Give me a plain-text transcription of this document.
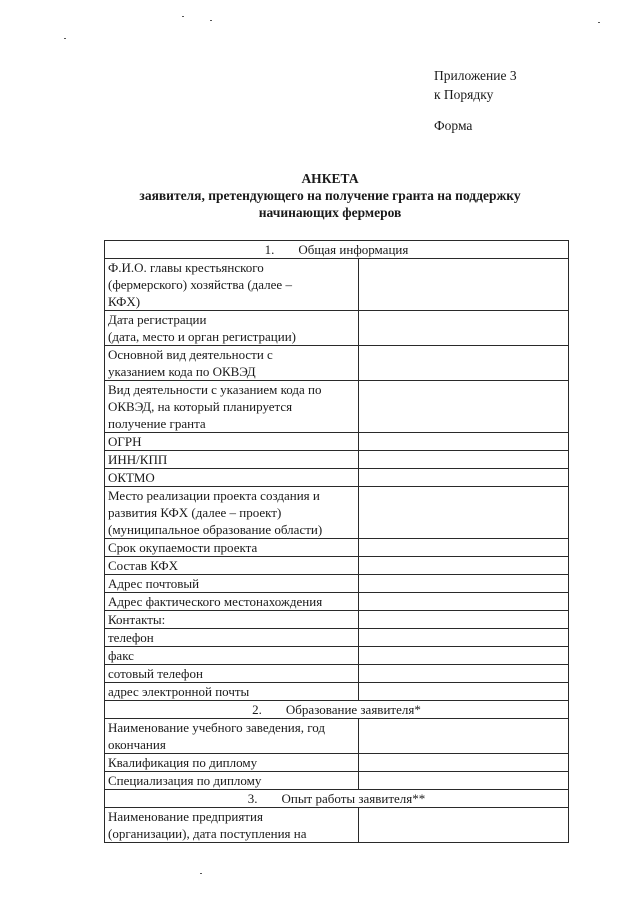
Приложение 3
к Порядку
Форма
АНКЕТА
заявителя, претендующего на получение гранта на поддержку
начинающих фермеров
1. Общая информация	

Ф.И.О. главы крестьянского
(фермерского) хозяйства (далее –
КФХ)	

Дата регистрации
(дата, место и орган регистрации)	

Основной вид деятельности с
указанием кода по ОКВЭД	

Вид деятельности с указанием кода по
ОКВЭД, на который планируется
получение гранта	

ОГРН	

ИНН/КПП	

ОКТМО	

Место реализации проекта создания и
развития КФХ (далее – проект)
(муниципальное образование области)	

Срок окупаемости проекта	

Состав КФХ	

Адрес почтовый	

Адрес фактического местонахождения	

Контакты:	

телефон	

факс	

сотовый телефон	

адрес электронной почты	

2. Образование заявителя*	

Наименование учебного заведения, год
окончания	

Квалификация по диплому	

Специализация по диплому	

3. Опыт работы заявителя**	

Наименование предприятия
(организации), дата поступления на	
